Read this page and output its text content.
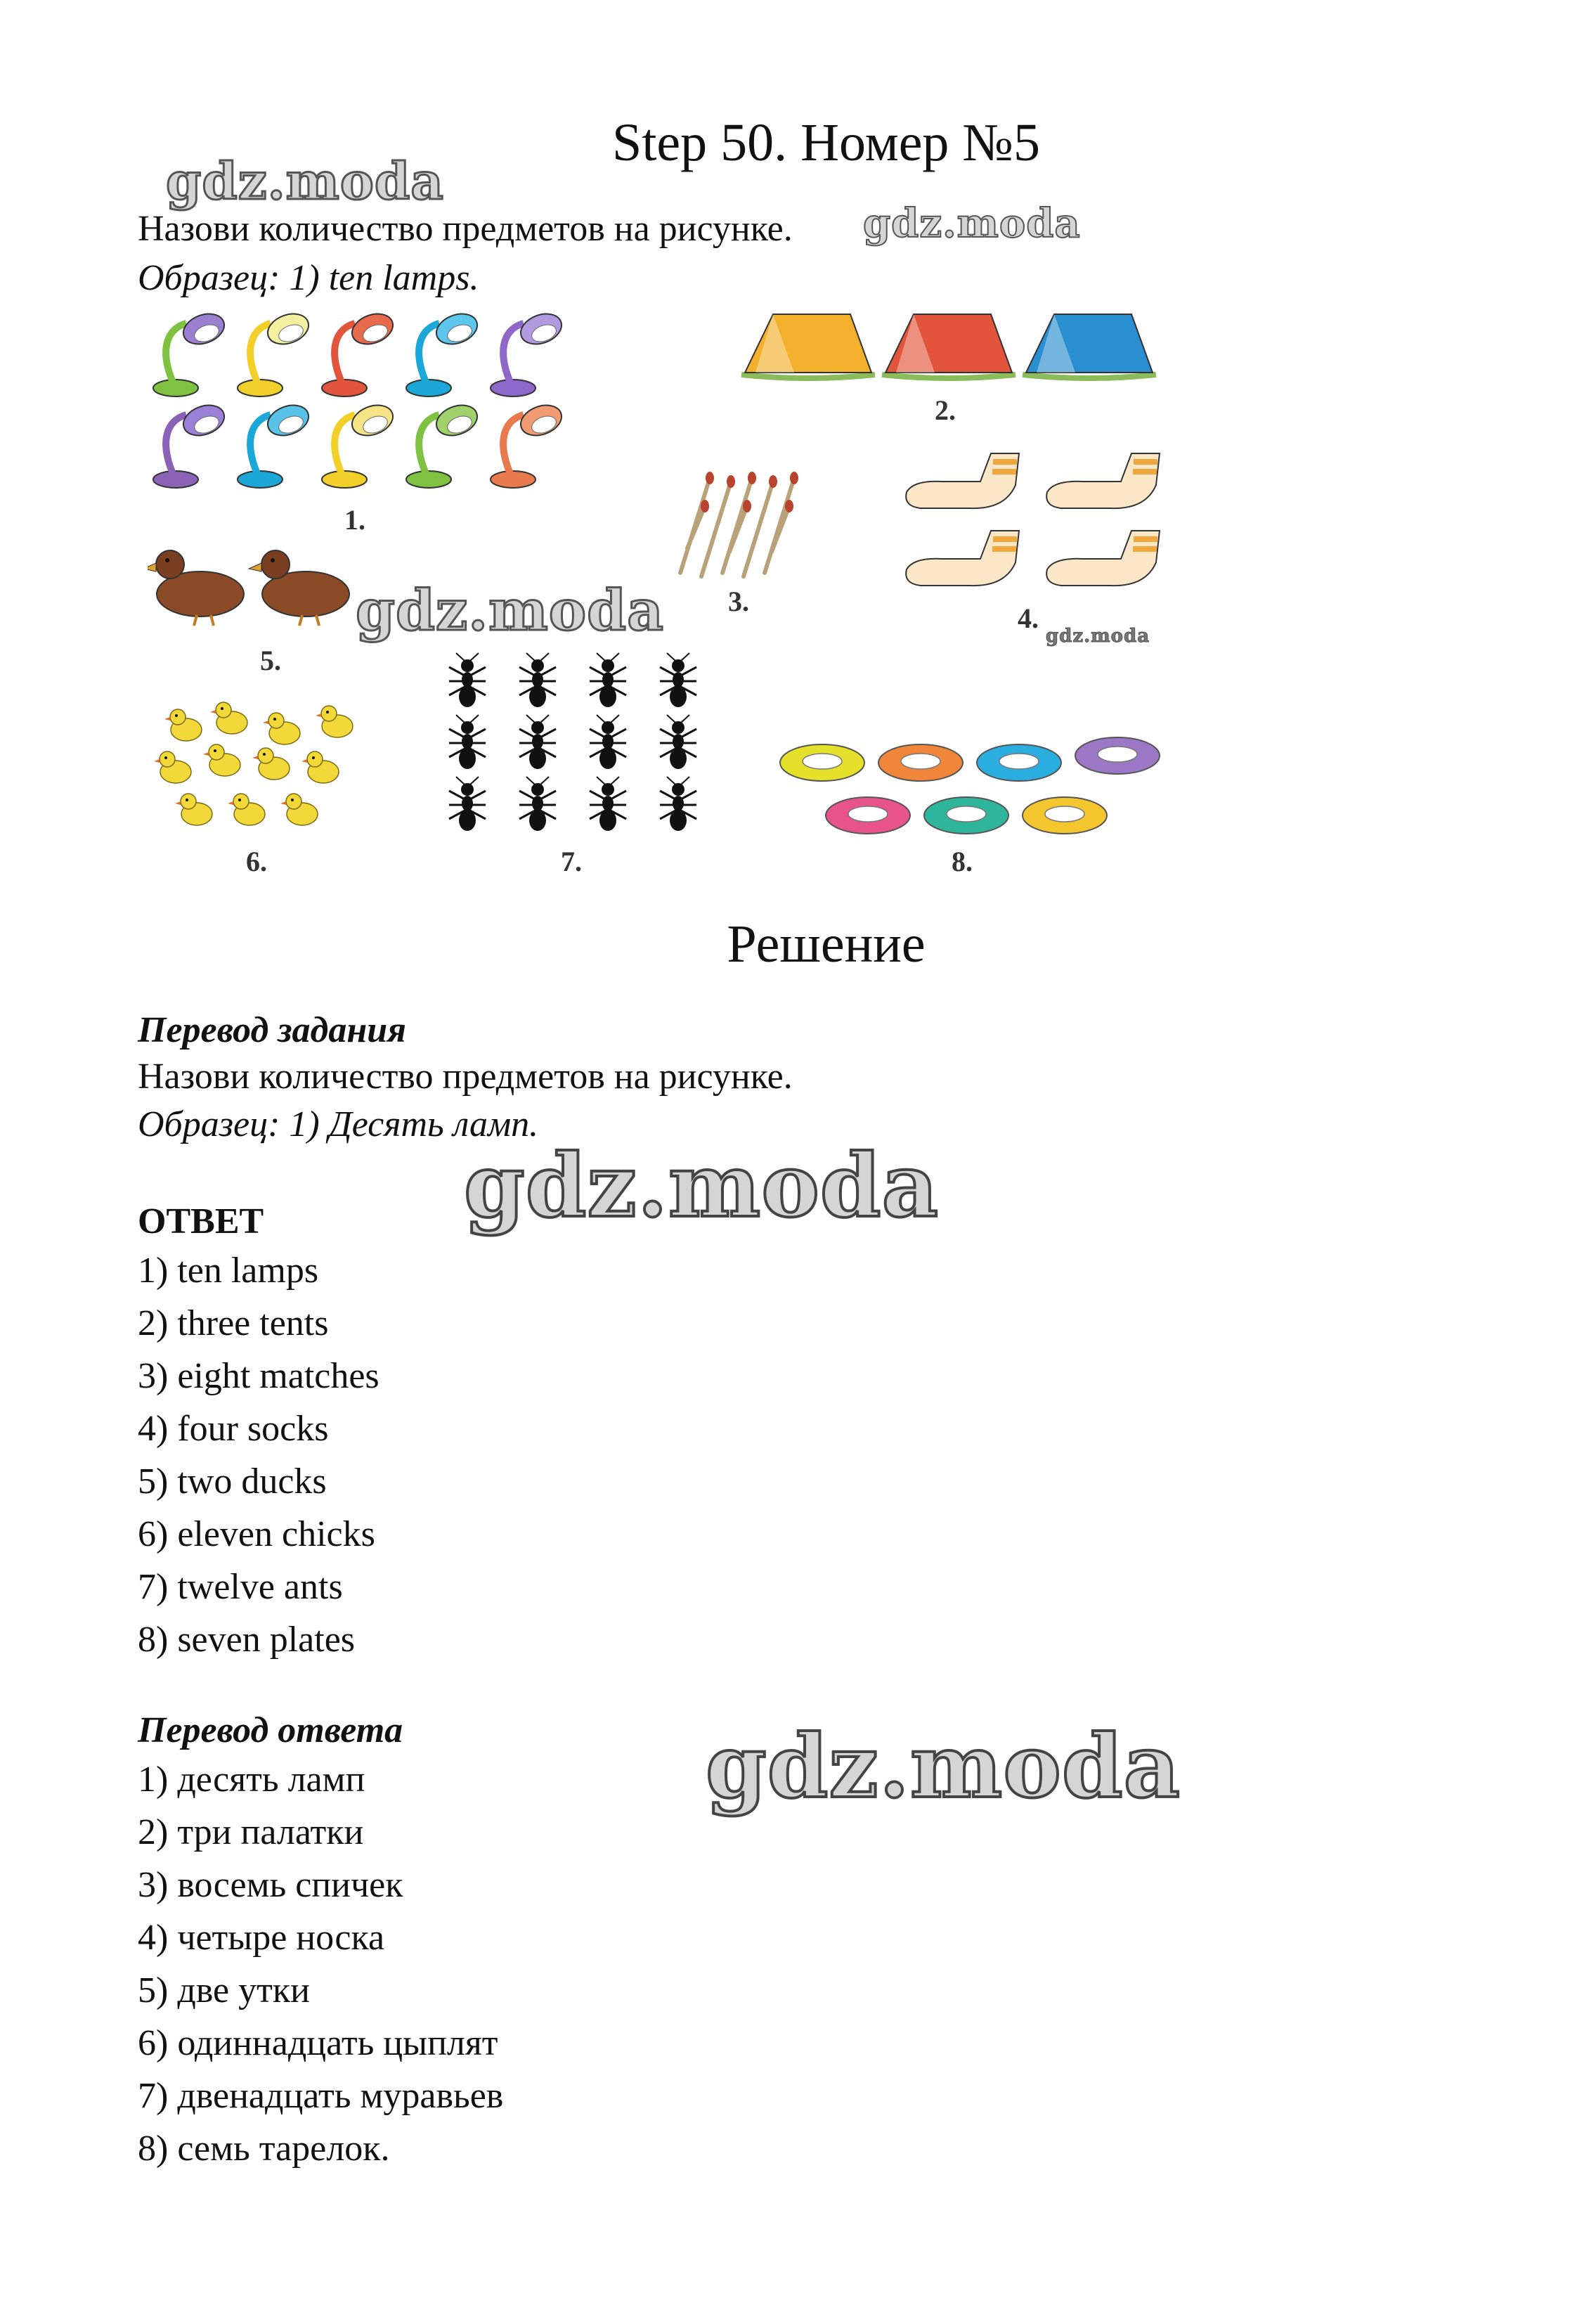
Step 50. Номер №5
gdz.moda
gdz.moda
gdz.moda	gdz.moda
gdz.moda
gdz.moda
Назови количество предметов на рисунке.
Образец: 1) ten lamps.
1.
2.
3.
4.
5.
6.	7.	8.
Решение
Перевод задания
Назови количество предметов на рисунке.
Образец: 1) Десять ламп.
ОТВЕТ
1) ten lamps
2) three tents
3) eight matches
4) four socks
5) two ducks
6) eleven chicks
7) twelve ants
8) seven plates
Перевод ответа
1) десять ламп
2) три палатки
3) восемь спичек
4) четыре носка
5) две утки
6) одиннадцать цыплят
7) двенадцать муравьев
8) семь тарелок.
